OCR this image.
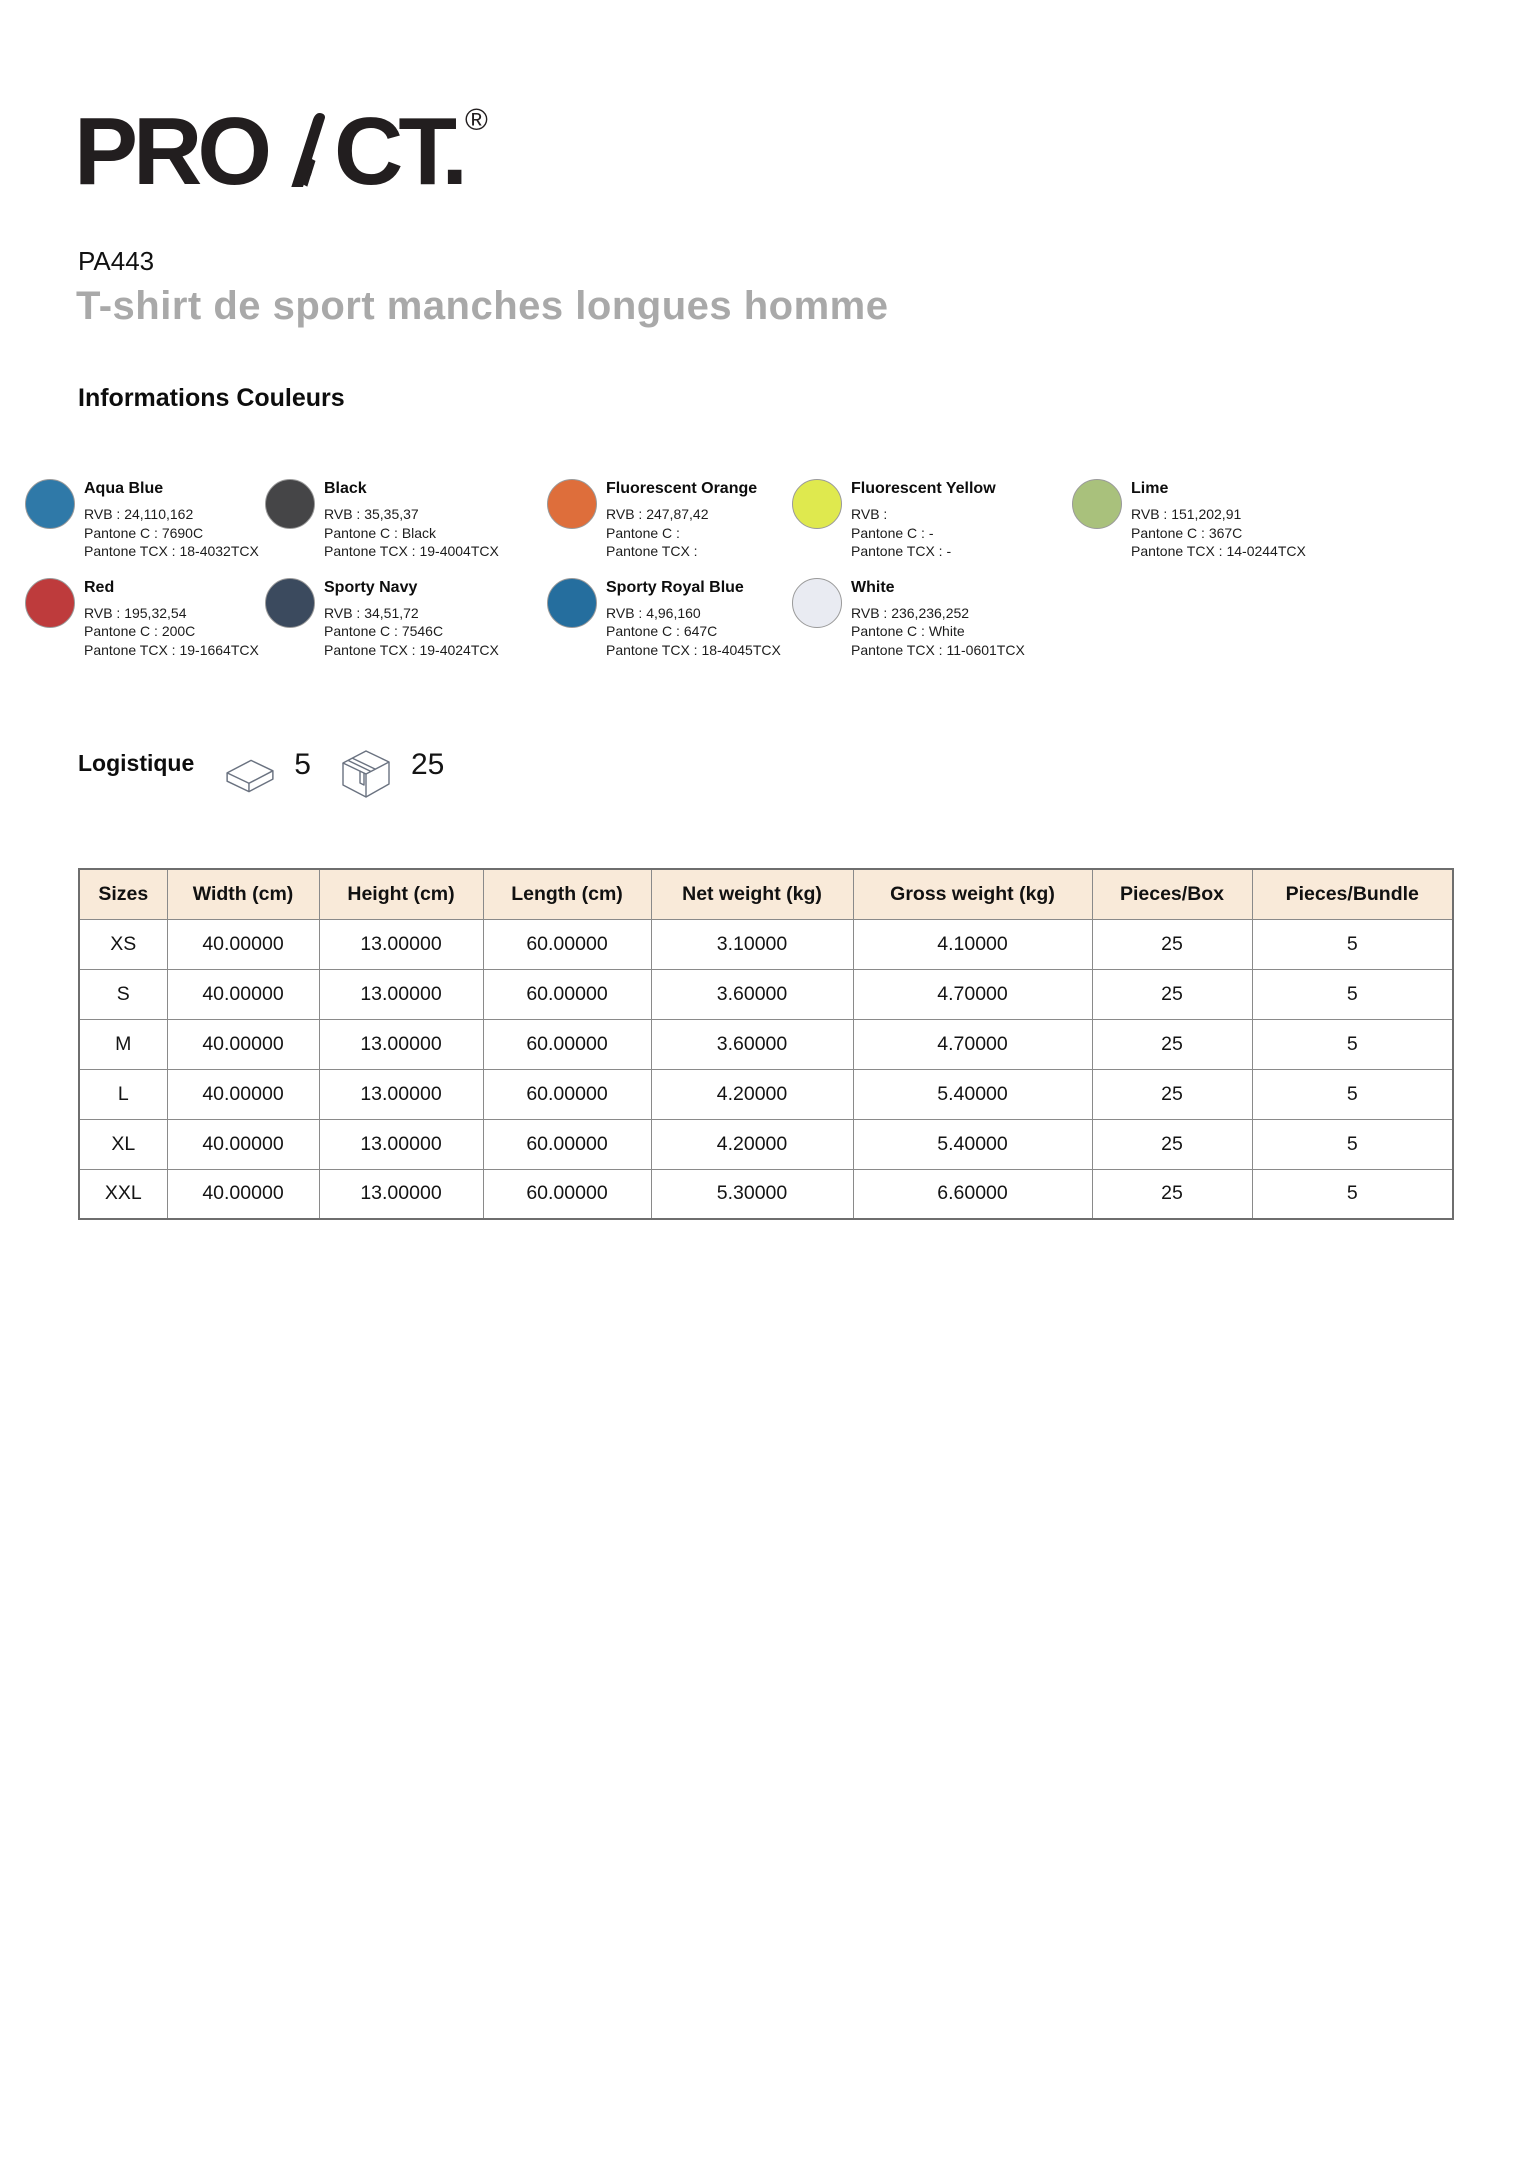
PRO CT.®
PA443
T-shirt de sport manches longues homme
Informations Couleurs
Aqua Blue
RVB : 24,110,162
Pantone C : 7690C
Pantone TCX : 18-4032TCX
Black
RVB : 35,35,37
Pantone C : Black
Pantone TCX : 19-4004TCX
Fluorescent Orange
RVB : 247,87,42
Pantone C :
Pantone TCX :
Fluorescent Yellow
RVB :
Pantone C : -
Pantone TCX : -
Lime
RVB : 151,202,91
Pantone C : 367C
Pantone TCX : 14-0244TCX
Red
RVB : 195,32,54
Pantone C : 200C
Pantone TCX : 19-1664TCX
Sporty Navy
RVB : 34,51,72
Pantone C : 7546C
Pantone TCX : 19-4024TCX
Sporty Royal Blue
RVB : 4,96,160
Pantone C : 647C
Pantone TCX : 18-4045TCX
White
RVB : 236,236,252
Pantone C : White
Pantone TCX : 11-0601TCX
Logistique	5	25
Sizes	Width (cm)	Height (cm)	Length (cm)	Net weight (kg)	Gross weight (kg)	Pieces/Box	Pieces/Bundle
XS	40.00000	13.00000	60.00000	3.10000	4.10000	25	5
S	40.00000	13.00000	60.00000	3.60000	4.70000	25	5
M	40.00000	13.00000	60.00000	3.60000	4.70000	25	5
L	40.00000	13.00000	60.00000	4.20000	5.40000	25	5
XL	40.00000	13.00000	60.00000	4.20000	5.40000	25	5
XXL	40.00000	13.00000	60.00000	5.30000	6.60000	25	5
